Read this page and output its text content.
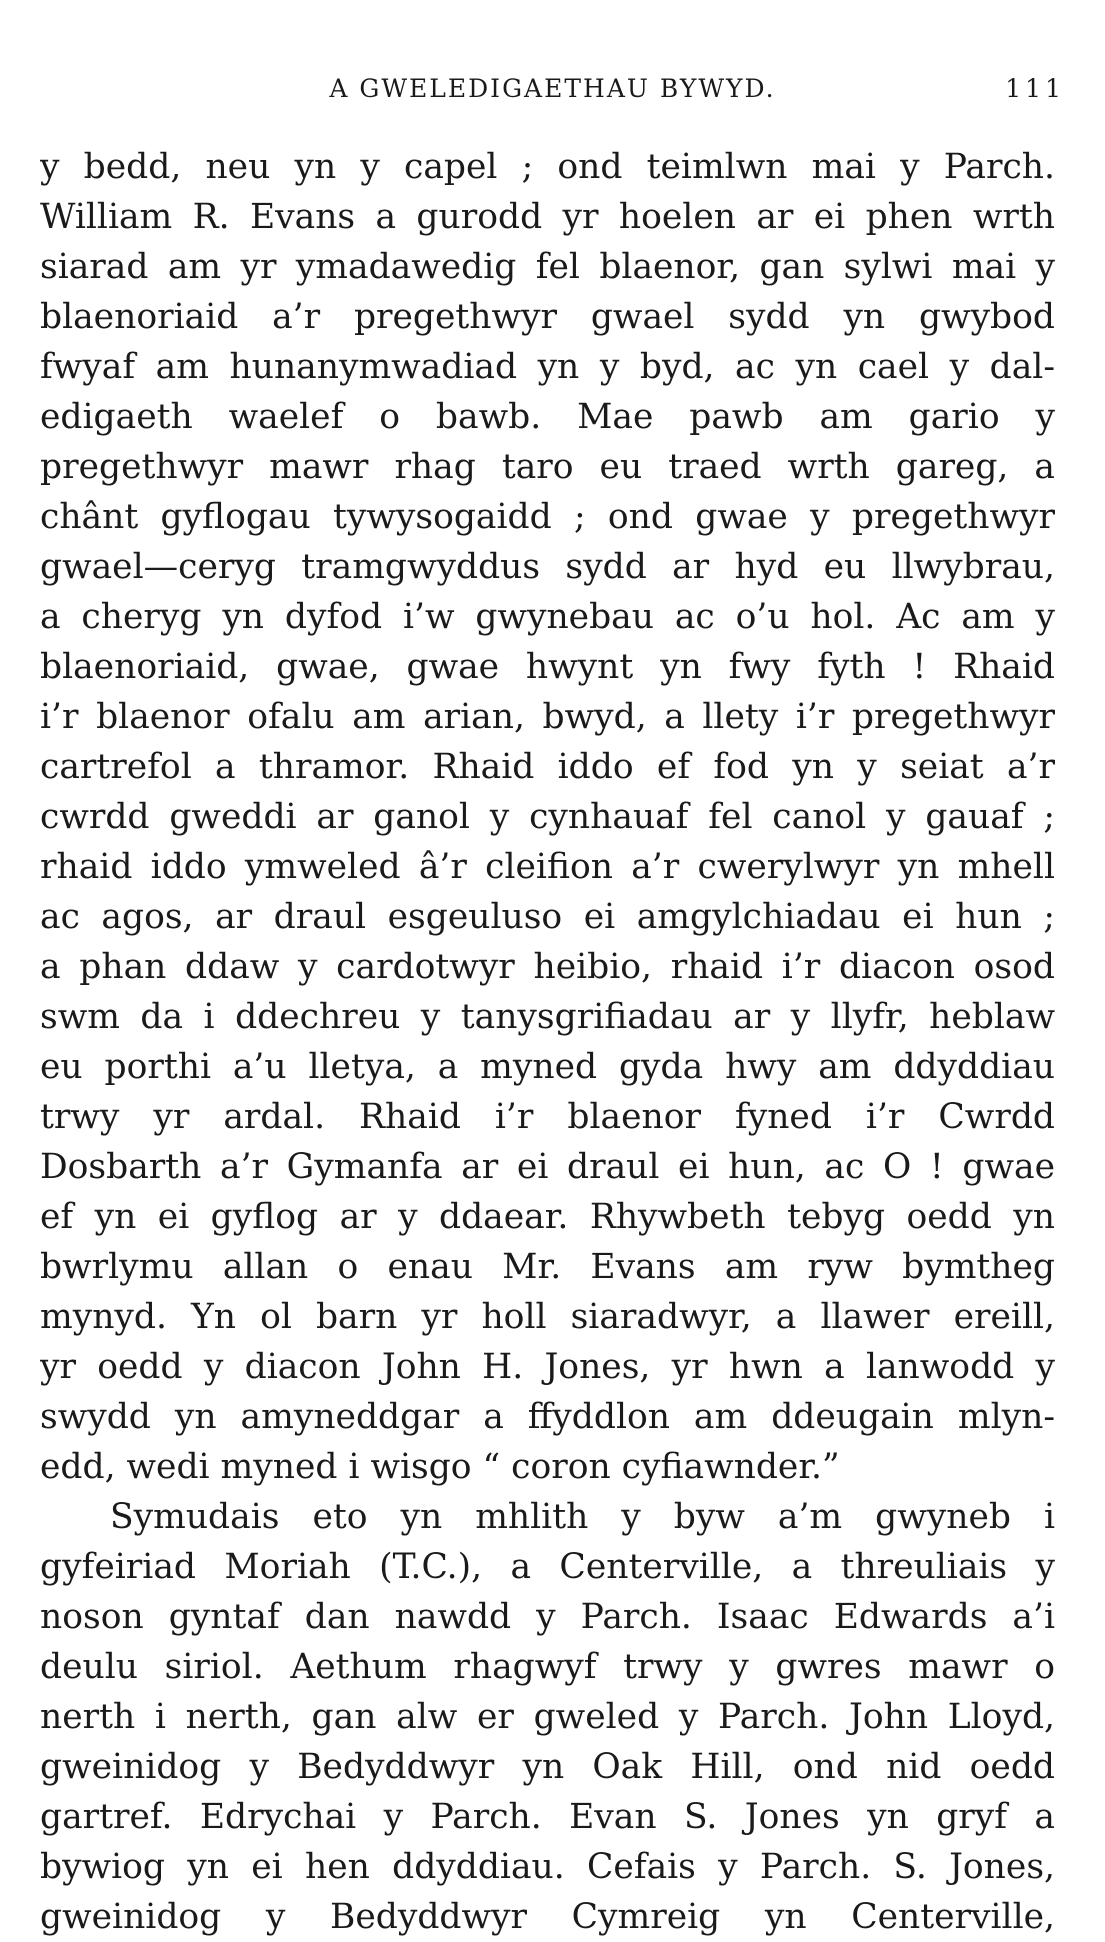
A GWELEDIGAETHAU BYWYD.	111
y bedd, neu yn y capel ; ond teimlwn mai y Parch.
William R. Evans a gurodd yr hoelen ar ei phen wrth
siarad am yr ymadawedig fel blaenor, gan sylwi mai y
blaenoriaid a’r pregethwyr gwael sydd yn gwybod
fwyaf am hunanymwadiad yn y byd, ac yn cael y dal-
edigaeth waelef o bawb. Mae pawb am gario y
pregethwyr mawr rhag taro eu traed wrth gareg, a
chânt gyflogau tywysogaidd ; ond gwae y pregethwyr
gwael—ceryg tramgwyddus sydd ar hyd eu llwybrau,
a cheryg yn dyfod i’w gwynebau ac o’u hol. Ac am y
blaenoriaid, gwae, gwae hwynt yn fwy fyth ! Rhaid
i’r blaenor ofalu am arian, bwyd, a llety i’r pregethwyr
cartrefol a thramor. Rhaid iddo ef fod yn y seiat a’r
cwrdd gweddi ar ganol y cynhauaf fel canol y gauaf ;
rhaid iddo ymweled â’r cleifion a’r cwerylwyr yn mhell
ac agos, ar draul esgeuluso ei amgylchiadau ei hun ;
a phan ddaw y cardotwyr heibio, rhaid i’r diacon osod
swm da i ddechreu y tanysgrifiadau ar y llyfr, heblaw
eu porthi a’u lletya, a myned gyda hwy am ddyddiau
trwy yr ardal. Rhaid i’r blaenor fyned i’r Cwrdd
Dosbarth a’r Gymanfa ar ei draul ei hun, ac O ! gwae
ef yn ei gyflog ar y ddaear. Rhywbeth tebyg oedd yn
bwrlymu allan o enau Mr. Evans am ryw bymtheg
mynyd. Yn ol barn yr holl siaradwyr, a llawer ereill,
yr oedd y diacon John H. Jones, yr hwn a lanwodd y
swydd yn amyneddgar a ffyddlon am ddeugain mlyn-
edd, wedi myned i wisgo “ coron cyfiawnder.”
Symudais eto yn mhlith y byw a’m gwyneb i
gyfeiriad Moriah (T.C.), a Centerville, a threuliais y
noson gyntaf dan nawdd y Parch. Isaac Edwards a’i
deulu siriol. Aethum rhagwyf trwy y gwres mawr o
nerth i nerth, gan alw er gweled y Parch. John Lloyd,
gweinidog y Bedyddwyr yn Oak Hill, ond nid oedd
gartref. Edrychai y Parch. Evan S. Jones yn gryf a
bywiog yn ei hen ddyddiau. Cefais y Parch. S. Jones,
gweinidog y Bedyddwyr Cymreig yn Centerville,
